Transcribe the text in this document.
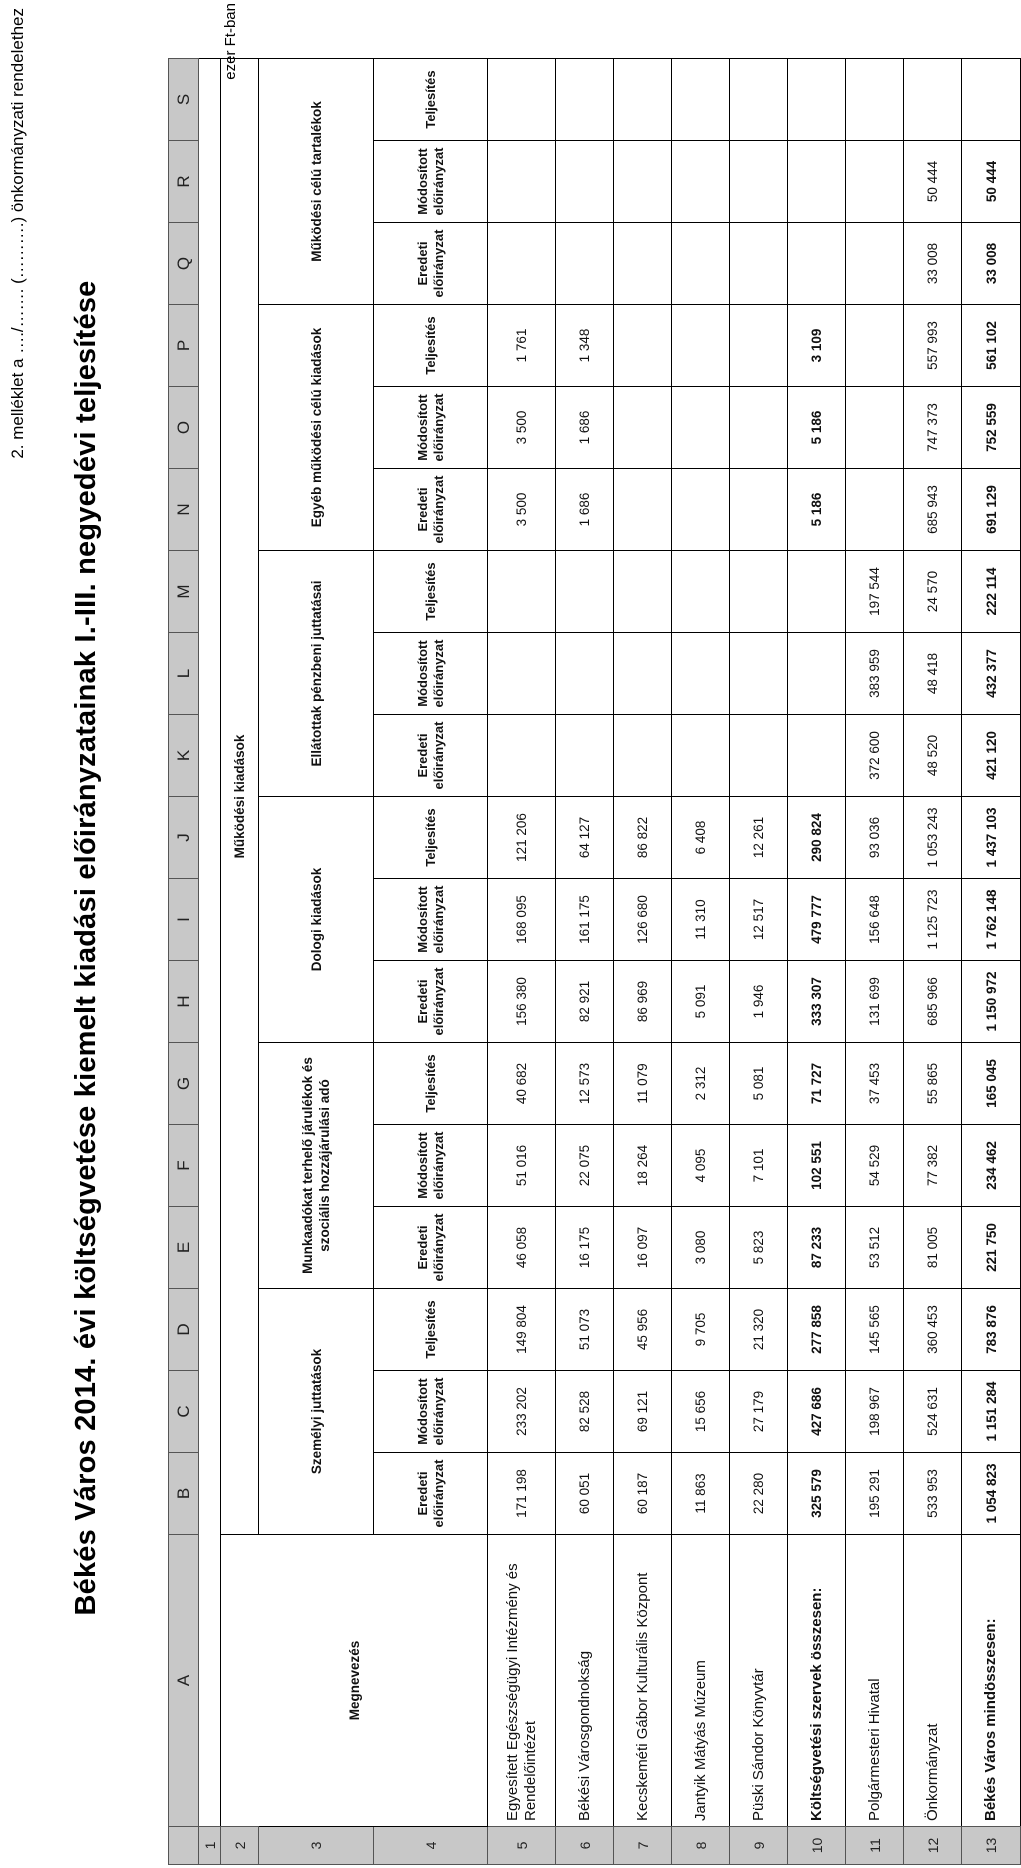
2. melléklet a …./……. (……….) önkormányzati rendelethez
Békés Város 2014. évi költségvetése kiemelt kiadási előirányzatainak I.-III. negyedévi teljesítése
ezer Ft-ban
	A	B	C	D	E	F	G	H	I	J	K	L	M	N	O	P	Q	R	S
1																			
2	Megnevezés	Működési kiadások																	
3		Személyi juttatások			Munkaadókat terhelő járulékok és szociális hozzájárulási adó			Dologi kiadások			Ellátottak pénzbeni juttatásai			Egyéb működési célú kiadások			Működési célú tartalékok		
4		Eredeti előirányzat	Módosított előirányzat	Teljesítés	Eredeti előirányzat	Módosított előirányzat	Teljesítés	Eredeti előirányzat	Módosított előirányzat	Teljesítés	Eredeti előirányzat	Módosított előirányzat	Teljesítés	Eredeti előirányzat	Módosított előirányzat	Teljesítés	Eredeti előirányzat	Módosított előirányzat	Teljesítés
5	Egyesített Egészségügyi Intézmény és Rendelőintézet	171 198	233 202	149 804	46 058	51 016	40 682	156 380	168 095	121 206				3 500	3 500	1 761			
6	Békési Városgondnokság	60 051	82 528	51 073	16 175	22 075	12 573	82 921	161 175	64 127				1 686	1 686	1 348			
7	Kecskeméti Gábor Kulturális Központ	60 187	69 121	45 956	16 097	18 264	11 079	86 969	126 680	86 822									
8	Jantyik Mátyás Múzeum	11 863	15 656	9 705	3 080	4 095	2 312	5 091	11 310	6 408									
9	Püski Sándor Könyvtár	22 280	27 179	21 320	5 823	7 101	5 081	1 946	12 517	12 261									
10	Költségvetési szervek összesen:	325 579	427 686	277 858	87 233	102 551	71 727	333 307	479 777	290 824				5 186	5 186	3 109			
11	Polgármesteri Hivatal	195 291	198 967	145 565	53 512	54 529	37 453	131 699	156 648	93 036	372 600	383 959	197 544						
12	Önkormányzat	533 953	524 631	360 453	81 005	77 382	55 865	685 966	1 125 723	1 053 243	48 520	48 418	24 570	685 943	747 373	557 993	33 008	50 444	
13	Békés Város mindösszesen:	1 054 823	1 151 284	783 876	221 750	234 462	165 045	1 150 972	1 762 148	1 437 103	421 120	432 377	222 114	691 129	752 559	561 102	33 008	50 444	
